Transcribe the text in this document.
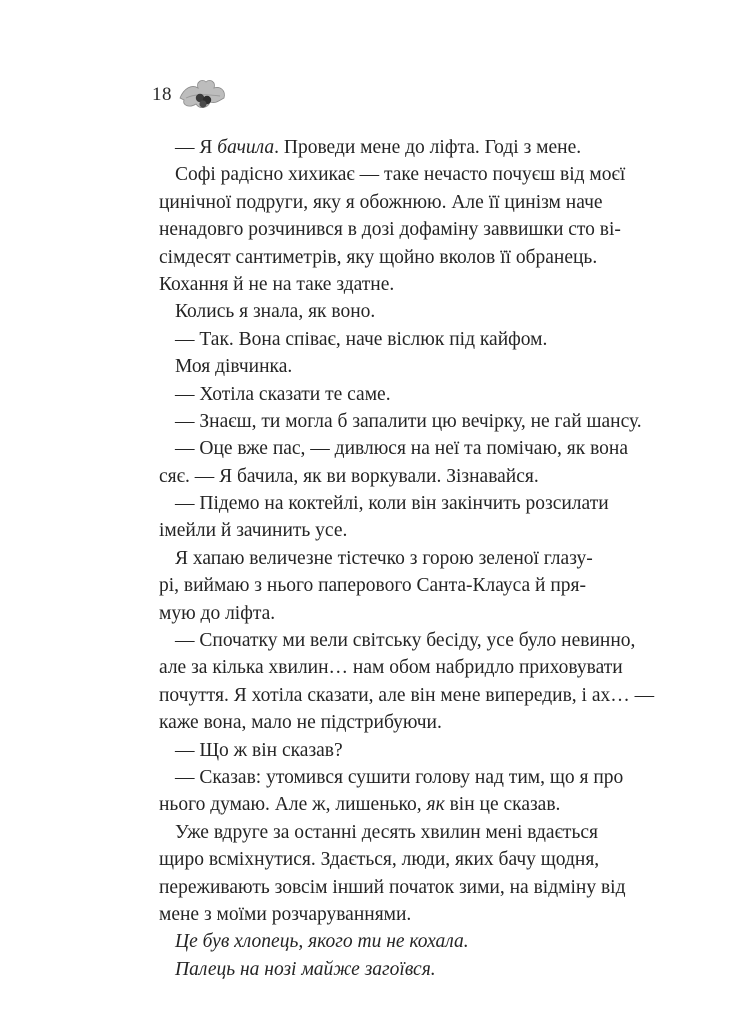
18
— Я бачила. Проведи мене до ліфта. Годі з мене.
Софі радісно хихикає — таке нечасто почуєш від моєї
цинічної подруги, яку я обожнюю. Але її цинізм наче
ненадовго розчинився в дозі дофаміну заввишки сто ві-
сімдесят сантиметрів, яку щойно вколов її обранець.
Кохання й не на таке здатне.
Колись я знала, як воно.
— Так. Вона співає, наче віслюк під кайфом.
Моя дівчинка.
— Хотіла сказати те саме.
— Знаєш, ти могла б запалити цю вечірку, не гай шансу.
— Оце вже пас, — дивлюся на неї та помічаю, як вона
сяє. — Я бачила, як ви воркували. Зізнавайся.
— Підемо на коктейлі, коли він закінчить розсилати
імейли й зачинить усе.
Я хапаю величезне тістечко з горою зеленої глазу-
рі, виймаю з нього паперового Санта-Клауса й пря-
мую до ліфта.
— Спочатку ми вели світську бесіду, усе було невинно,
але за кілька хвилин… нам обом набридло приховувати
почуття. Я хотіла сказати, але він мене випередив, і ах… —
каже вона, мало не підстрибуючи.
— Що ж він сказав?
— Сказав: утомився сушити голову над тим, що я про
нього думаю. Але ж, лишенько, як він це сказав.
Уже вдруге за останні десять хвилин мені вдається
щиро всміхнутися. Здається, люди, яких бачу щодня,
переживають зовсім інший початок зими, на відміну від
мене з моїми розчаруваннями.
Це був хлопець, якого ти не кохала.
Палець на нозі майже загоївся.
